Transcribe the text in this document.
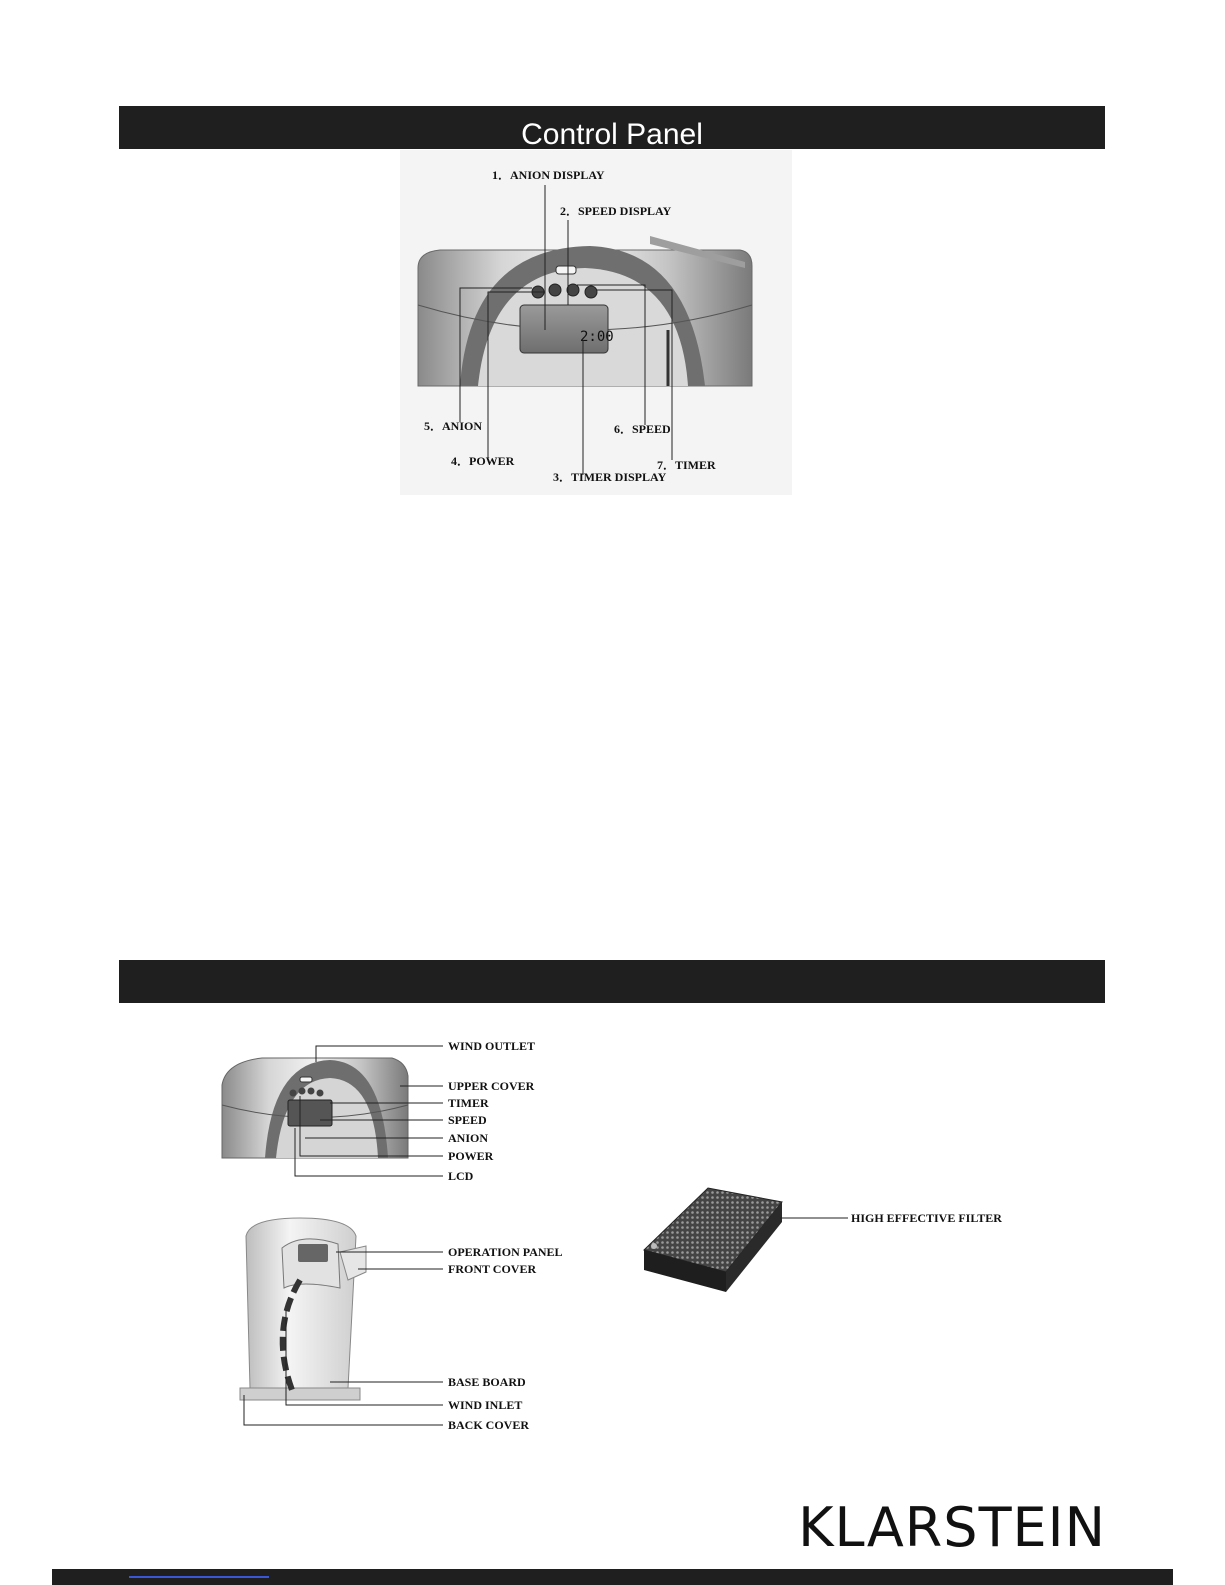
Control Panel
2:00
1．ANION DISPLAY
2．SPEED DISPLAY
5．ANION
4．POWER
3．TIMER DISPLAY
6．SPEED
7．TIMER
WIND OUTLET
UPPER COVER
TIMER
SPEED
ANION
POWER
LCD
OPERATION PANEL
FRONT COVER
BASE BOARD
WIND INLET
BACK COVER
HIGH EFFECTIVE FILTER
KLARSTEIN
